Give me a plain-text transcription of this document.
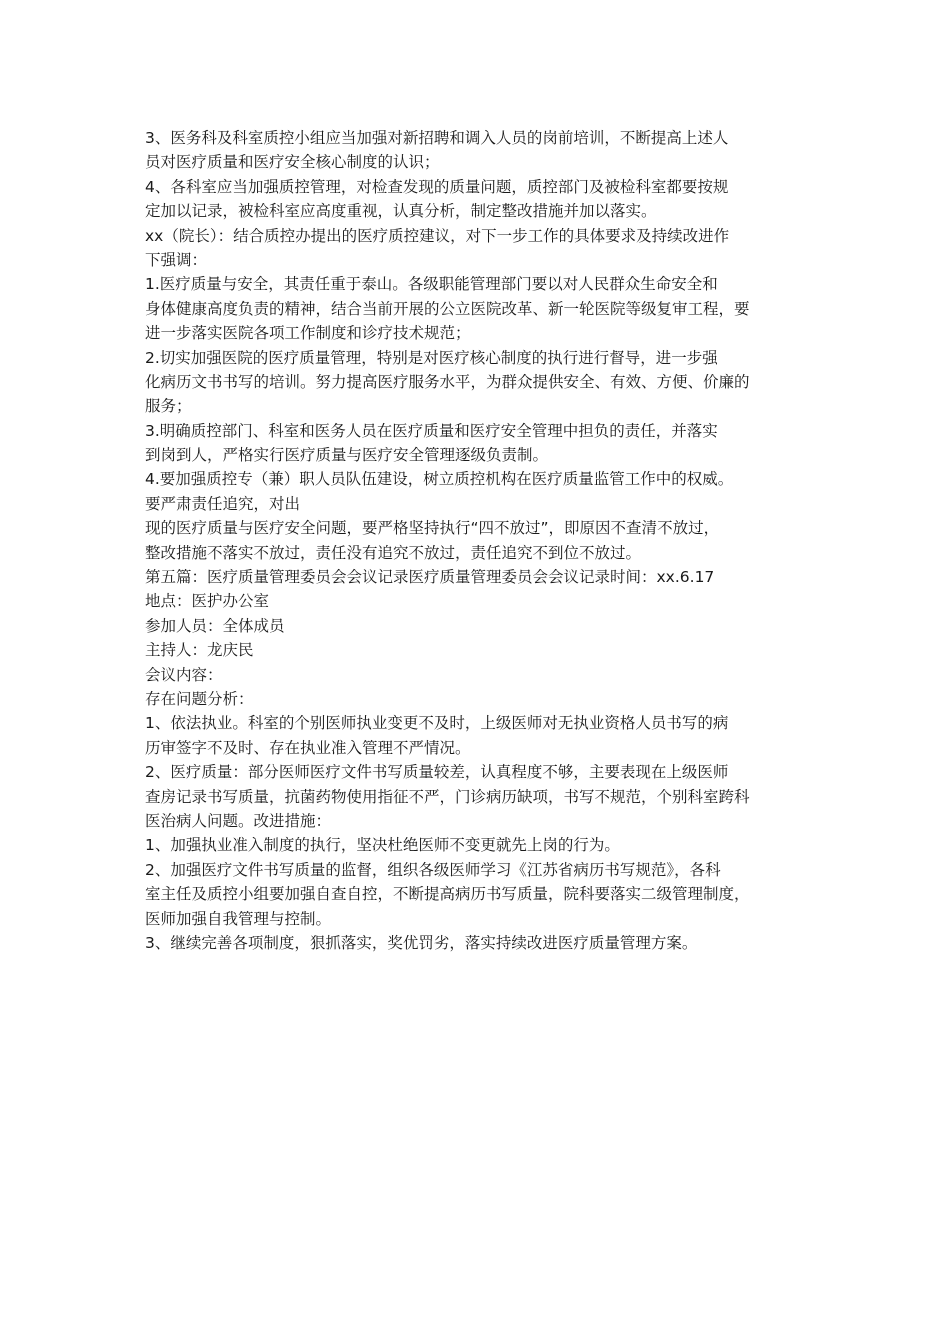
3、医务科及科室质控小组应当加强对新招聘和调入人员的岗前培训，不断提高上述人
员对医疗质量和医疗安全核心制度的认识；
4、各科室应当加强质控管理，对检查发现的质量问题，质控部门及被检科室都要按规
定加以记录，被检科室应高度重视，认真分析，制定整改措施并加以落实。
xx（院长）：结合质控办提出的医疗质控建议，对下一步工作的具体要求及持续改进作
下强调：
1.医疗质量与安全，其责任重于泰山。各级职能管理部门要以对人民群众生命安全和
身体健康高度负责的精神，结合当前开展的公立医院改革、新一轮医院等级复审工程，要
进一步落实医院各项工作制度和诊疗技术规范；
2.切实加强医院的医疗质量管理，特别是对医疗核心制度的执行进行督导，进一步强
化病历文书书写的培训。努力提高医疗服务水平，为群众提供安全、有效、方便、价廉的
服务；
3.明确质控部门、科室和医务人员在医疗质量和医疗安全管理中担负的责任，并落实
到岗到人，严格实行医疗质量与医疗安全管理逐级负责制。
4.要加强质控专（兼）职人员队伍建设，树立质控机构在医疗质量监管工作中的权威。
要严肃责任追究，对出
现的医疗质量与医疗安全问题，要严格坚持执行“四不放过”，即原因不查清不放过，
整改措施不落实不放过，责任没有追究不放过，责任追究不到位不放过。
第五篇：医疗质量管理委员会会议记录医疗质量管理委员会会议记录时间：xx.6.17
地点：医护办公室
参加人员：全体成员
主持人：龙庆民
会议内容：
存在问题分析：
1、依法执业。科室的个别医师执业变更不及时，上级医师对无执业资格人员书写的病
历审签字不及时、存在执业准入管理不严情况。
2、医疗质量：部分医师医疗文件书写质量较差，认真程度不够，主要表现在上级医师
查房记录书写质量，抗菌药物使用指征不严，门诊病历缺项，书写不规范，个别科室跨科
医治病人问题。改进措施：
1、加强执业准入制度的执行，坚决杜绝医师不变更就先上岗的行为。
2、加强医疗文件书写质量的监督，组织各级医师学习《江苏省病历书写规范》，各科
室主任及质控小组要加强自查自控，不断提高病历书写质量，院科要落实二级管理制度，
医师加强自我管理与控制。
3、继续完善各项制度，狠抓落实，奖优罚劣，落实持续改进医疗质量管理方案。
